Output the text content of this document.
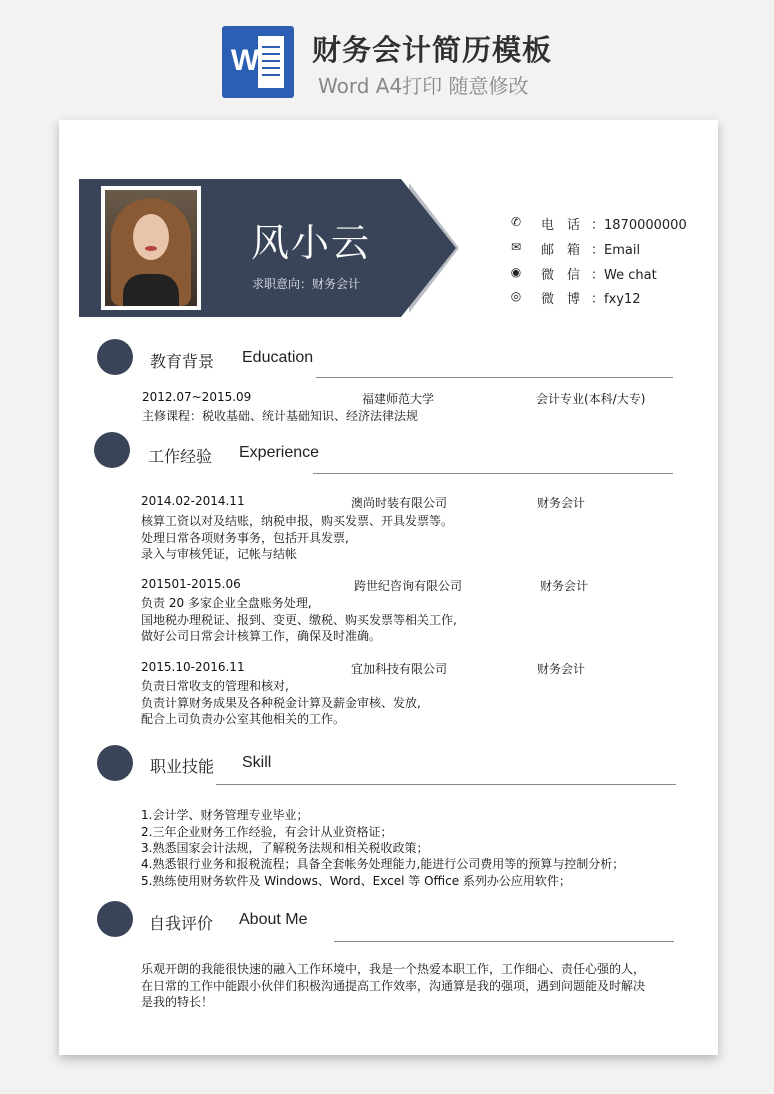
W 财务会计简历模板
Word A4打印 随意修改
风小云
求职意向：财务会计
✆ 电　话 ：1870000000
✉ 邮　箱 ：Email
◉ 微　信 ：We chat
◎ 微　博 ：fxy12
教育背景 Education
2012.07~2015.09	福建师范大学	会计专业(本科/大专)
主修课程：税收基础、统计基础知识、经济法律法规
工作经验 Experience
2014.02-2014.11	澳尚时装有限公司	财务会计
核算工资以对及结账，纳税申报，购买发票、开具发票等。
处理日常各项财务事务，包括开具发票,
录入与审核凭证，记帐与结帐
201501-2015.06	跨世纪咨询有限公司	财务会计
负责 20 多家企业全盘账务处理,
国地税办理税证、报到、变更、缴税、购买发票等相关工作,
做好公司日常会计核算工作，确保及时准确。
2015.10-2016.11	宜加科技有限公司	财务会计
负责日常收支的管理和核对,
负责计算财务成果及各种税金计算及薪金审核、发放,
配合上司负责办公室其他相关的工作。
职业技能 Skill
1.会计学、财务管理专业毕业；
2.三年企业财务工作经验，有会计从业资格证；
3.熟悉国家会计法规，了解税务法规和相关税收政策；
4.熟悉银行业务和报税流程；具备全套帐务处理能力,能进行公司费用等的预算与控制分析；
5.熟练使用财务软件及 Windows、Word、Excel 等 Office 系列办公应用软件；
自我评价 About Me
乐观开朗的我能很快速的融入工作环境中，我是一个热爱本职工作，工作细心、责任心强的人，
在日常的工作中能跟小伙伴们积极沟通提高工作效率，沟通算是我的强项，遇到问题能及时解决
是我的特长！
